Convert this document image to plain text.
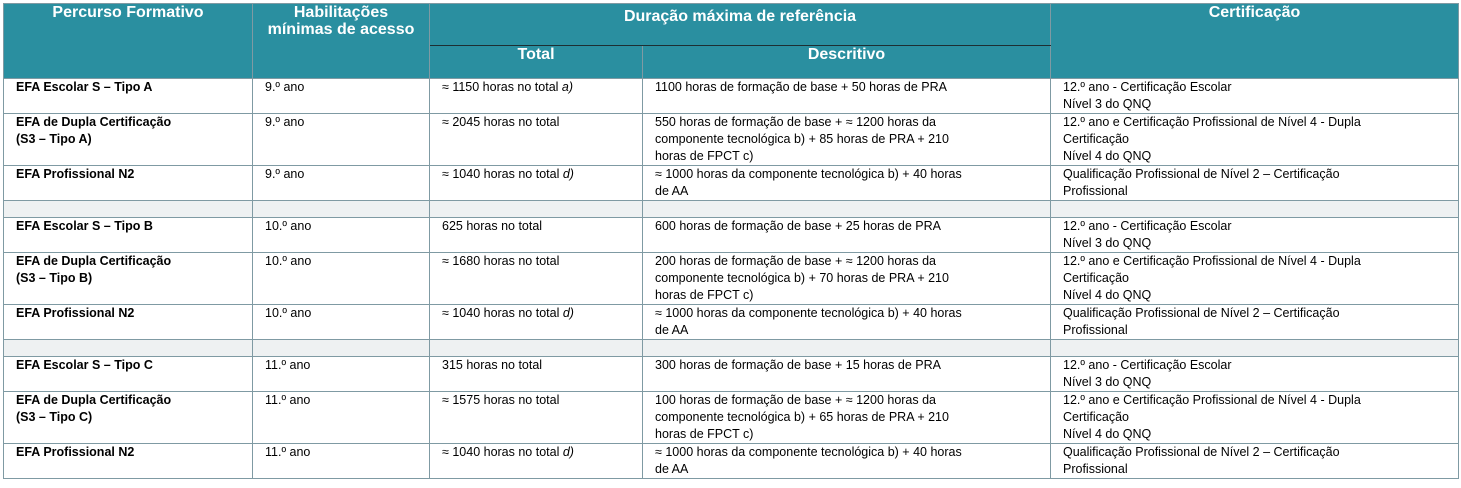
Percurso Formativo	Habilitações mínimas de acesso	Duração máxima de referência		Certificação
		Total	Descritivo	
EFA Escolar S – Tipo A	9.º ano	≈ 1150 horas no total a)	1100 horas de formação de base + 50 horas de PRA	12.º ano - Certificação Escolar
Nível 3 do QNQ
EFA de Dupla Certificação
(S3 – Tipo A)	9.º ano	≈ 2045 horas no total	550 horas de formação de base + ≈ 1200 horas da
componente tecnológica b) + 85 horas de PRA + 210
horas de FPCT c)	12.º ano e Certificação Profissional de Nível 4 - Dupla
Certificação
Nível 4 do QNQ
EFA Profissional N2	9.º ano	≈ 1040 horas no total d)	≈ 1000 horas da componente tecnológica b) + 40 horas
de AA	Qualificação Profissional de Nível 2 – Certificação
Profissional

EFA Escolar S – Tipo B	10.º ano	625 horas no total	600 horas de formação de base + 25 horas de PRA	12.º ano - Certificação Escolar
Nível 3 do QNQ
EFA de Dupla Certificação
(S3 – Tipo B)	10.º ano	≈ 1680 horas no total	200 horas de formação de base + ≈ 1200 horas da
componente tecnológica b) + 70 horas de PRA + 210
horas de FPCT c)	12.º ano e Certificação Profissional de Nível 4 - Dupla
Certificação
Nível 4 do QNQ
EFA Profissional N2	10.º ano	≈ 1040 horas no total d)	≈ 1000 horas da componente tecnológica b) + 40 horas
de AA	Qualificação Profissional de Nível 2 – Certificação
Profissional

EFA Escolar S – Tipo C	11.º ano	315 horas no total	300 horas de formação de base + 15 horas de PRA	12.º ano - Certificação Escolar
Nível 3 do QNQ
EFA de Dupla Certificação
(S3 – Tipo C)	11.º ano	≈ 1575 horas no total	100 horas de formação de base + ≈ 1200 horas da
componente tecnológica b) + 65 horas de PRA + 210
horas de FPCT c)	12.º ano e Certificação Profissional de Nível 4 - Dupla
Certificação
Nível 4 do QNQ
EFA Profissional N2	11.º ano	≈ 1040 horas no total d)	≈ 1000 horas da componente tecnológica b) + 40 horas
de AA	Qualificação Profissional de Nível 2 – Certificação
Profissional
